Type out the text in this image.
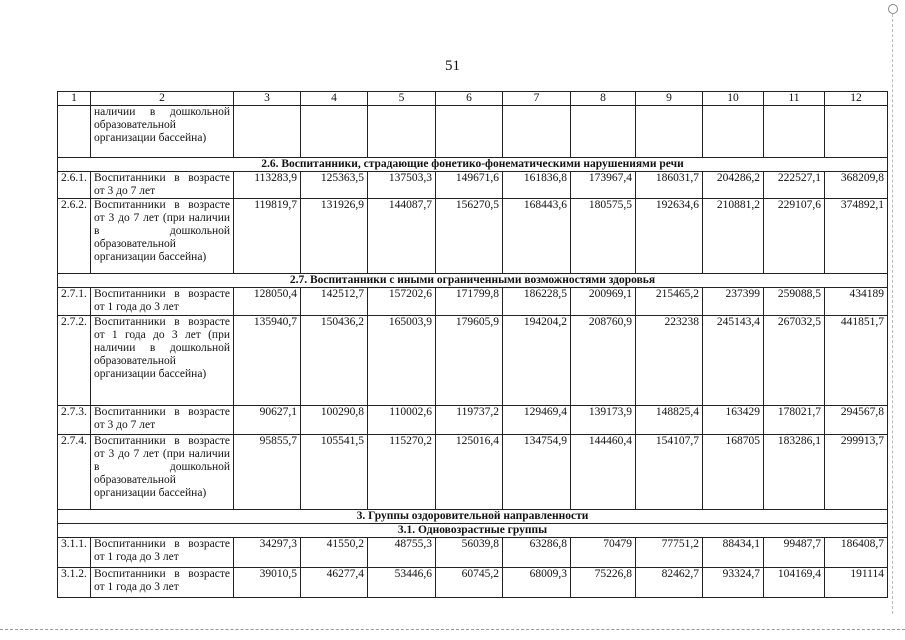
51
1	2	3	4	5	6	7	8	9	10	11	12
	наличии в дошкольной образовательной организации бассейна)										
2.6. Воспитанники, страдающие фонетико-фонематическими нарушениями речи											
2.6.1.	Воспитанники в возрасте от 3 до 7 лет	113283,9	125363,5	137503,3	149671,6	161836,8	173967,4	186031,7	204286,2	222527,1	368209,8
2.6.2.	Воспитанники в возрасте от 3 до 7 лет (при наличии в дошкольной образовательной организации бассейна)	119819,7	131926,9	144087,7	156270,5	168443,6	180575,5	192634,6	210881,2	229107,6	374892,1
2.7. Воспитанники с иными ограниченными возможностями здоровья											
2.7.1.	Воспитанники в возрасте от 1 года до 3 лет	128050,4	142512,7	157202,6	171799,8	186228,5	200969,1	215465,2	237399	259088,5	434189
2.7.2.	Воспитанники в возрасте от 1 года до 3 лет (при наличии в дошкольной образовательной организации бассейна)	135940,7	150436,2	165003,9	179605,9	194204,2	208760,9	223238	245143,4	267032,5	441851,7
2.7.3.	Воспитанники в возрасте от 3 до 7 лет	90627,1	100290,8	110002,6	119737,2	129469,4	139173,9	148825,4	163429	178021,7	294567,8
2.7.4.	Воспитанники в возрасте от 3 до 7 лет (при наличии в дошкольной образовательной организации бассейна)	95855,7	105541,5	115270,2	125016,4	134754,9	144460,4	154107,7	168705	183286,1	299913,7
3. Группы оздоровительной направленности											
3.1. Одновозрастные группы											
3.1.1.	Воспитанники в возрасте от 1 года до 3 лет	34297,3	41550,2	48755,3	56039,8	63286,8	70479	77751,2	88434,1	99487,7	186408,7
3.1.2.	Воспитанники в возрасте от 1 года до 3 лет	39010,5	46277,4	53446,6	60745,2	68009,3	75226,8	82462,7	93324,7	104169,4	191114
